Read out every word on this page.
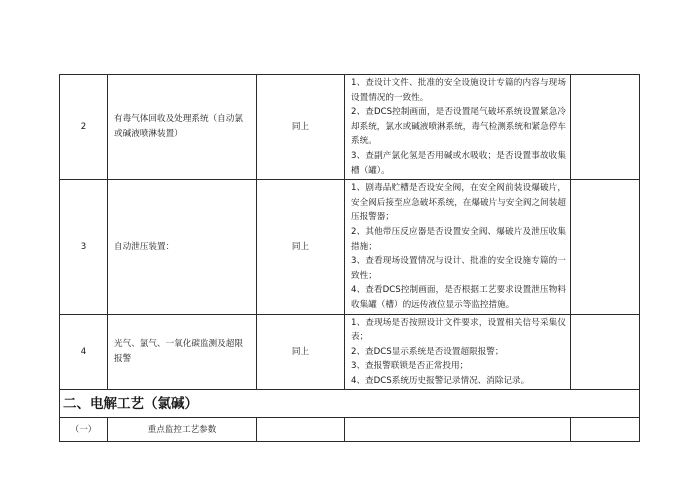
2	有毒气体回收及处理系统（自动氯或碱液喷淋装置）	同上	1、查设计文件、批准的安全设施设计专篇的内容与现场设置情况的一致性。
2、查DCS控制画面，是否设置尾气破坏系统设置紧急冷却系统，氯水或碱液喷淋系统，毒气检测系统和紧急停车系统。
3、查副产氯化氢是否用碱或水吸收；是否设置事故收集槽（罐）。	

3	自动泄压装置：	同上	1、剧毒品贮槽是否设安全阀，在安全阀前装设爆破片，安全阀后接至应急破坏系统，在爆破片与安全阀之间装超压报警器；
2、其他带压反应器是否设置安全阀、爆破片及泄压收集措施；
3、查看现场设置情况与设计、批准的安全设施专篇的一致性；
4、查看DCS控制画面，是否根据工艺要求设置泄压物料收集罐（槽）的远传液位显示等监控措施。	

4	光气、氯气、一氧化碳监测及超限报警	同上	1、查现场是否按照设计文件要求，设置相关信号采集仪表；
2、查DCS显示系统是否设置超限报警；
3、查报警联锁是否正常投用；
4、查DCS系统历史报警记录情况、消除记录。	

二、电解工艺（氯碱）				
（一）	重点监控工艺参数			
